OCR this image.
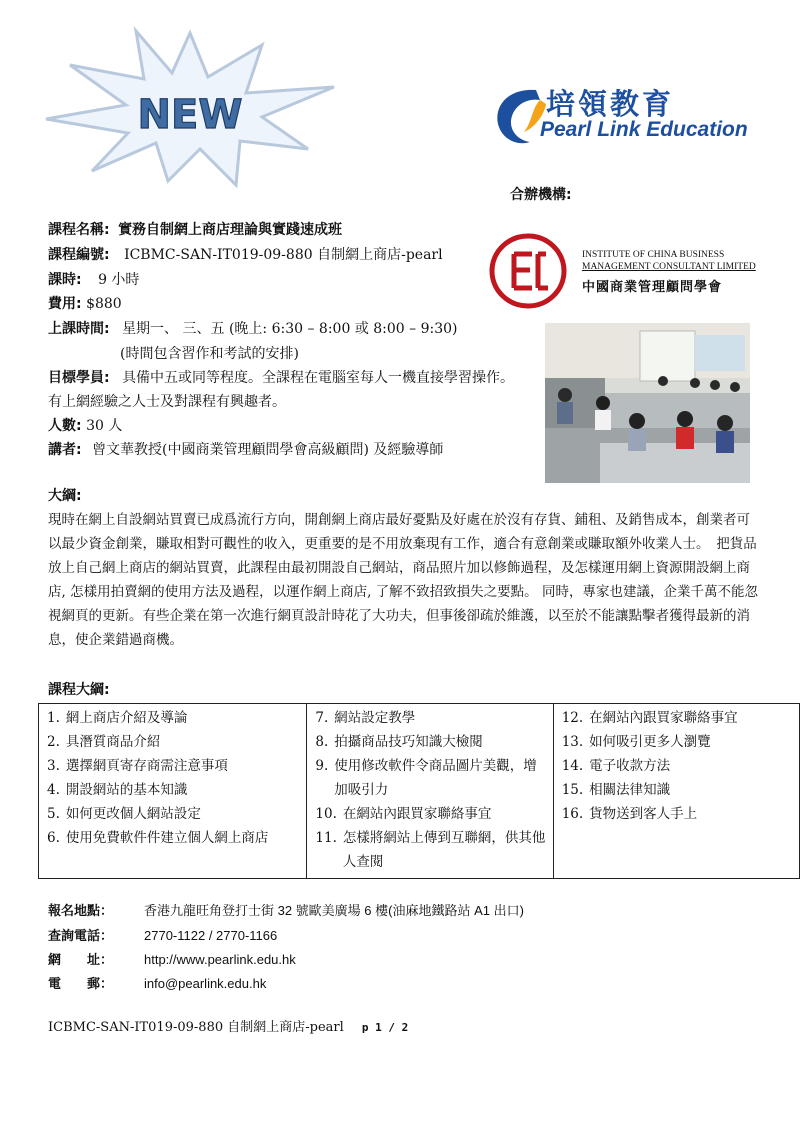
NEW	培領教育
Pearl Link Education
合辦機構:
INSTITUTE OF CHINA BUSINESS
MANAGEMENT CONSULTANT LIMITED
中國商業管理顧問學會
課程名稱: 實務自制網上商店理論與實踐速成班
課程編號: ICBMC-SAN-IT019-09-880 自制網上商店-pearl
課時: 9 小時
費用: $880
上課時間: 星期一、 三、五 (晚上: 6:30 – 8:00 或 8:00 – 9:30)
(時間包含習作和考試的安排)
目標學員: 具備中五或同等程度。全課程在電腦室每人一機直接學習操作。
有上網經驗之人士及對課程有興趣者。
人數: 30 人
講者: 曾文華教授(中國商業管理顧問學會高級顧問) 及經驗導師
大綱:
現時在網上自設網站買賣已成爲流行方向，開創網上商店最好憂點及好處在於沒有存貨、鋪租、及銷售成本，創業者可以最少資金創業，賺取相對可觀性的收入，更重要的是不用放棄現有工作，適合有意創業或賺取額外收業人士。　把貨品放上自己網上商店的網站買賣，此課程由最初開設自己網站，商品照片加以修飾過程，及怎樣運用網上資源開設網上商店, 怎樣用拍賣網的使用方法及過程，以運作網上商店, 了解不致招致損失之要點。 同時，專家也建議，企業千萬不能忽視網頁的更新。有些企業在第一次進行網頁設計時花了大功夫，但事後卻疏於維護，以至於不能讓點擊者獲得最新的消息，使企業錯過商機。
課程大綱:
1. 網上商店介紹及導論
2. 具潛質商品介紹
3. 選擇網頁寄存商需注意事項
4. 開設網站的基本知識
5. 如何更改個人網站設定
6. 使用免費軟件件建立個人網上商店

7. 網站設定教學
8. 拍攝商品技巧知識大檢閱
9. 使用修改軟件令商品圖片美觀，增加吸引力
10. 在網站內跟買家聯絡事宜
11. 怎樣將網站上傳到互聯網，供其他人查閱

12. 在網站內跟買家聯絡事宜
13. 如何吸引更多人瀏覽
14. 電子收款方法
15. 相關法律知識
16. 貨物送到客人手上
報名地點： 香港九龍旺角登打士街 32 號歐美廣場 6 樓(油麻地鐵路站 A1 出口)
查詢電話： 2770-1122 / 2770-1166
網　　址： http://www.pearlink.edu.hk
電　　郵： info@pearlink.edu.hk
ICBMC-SAN-IT019-09-880 自制網上商店-pearl p 1 / 2
